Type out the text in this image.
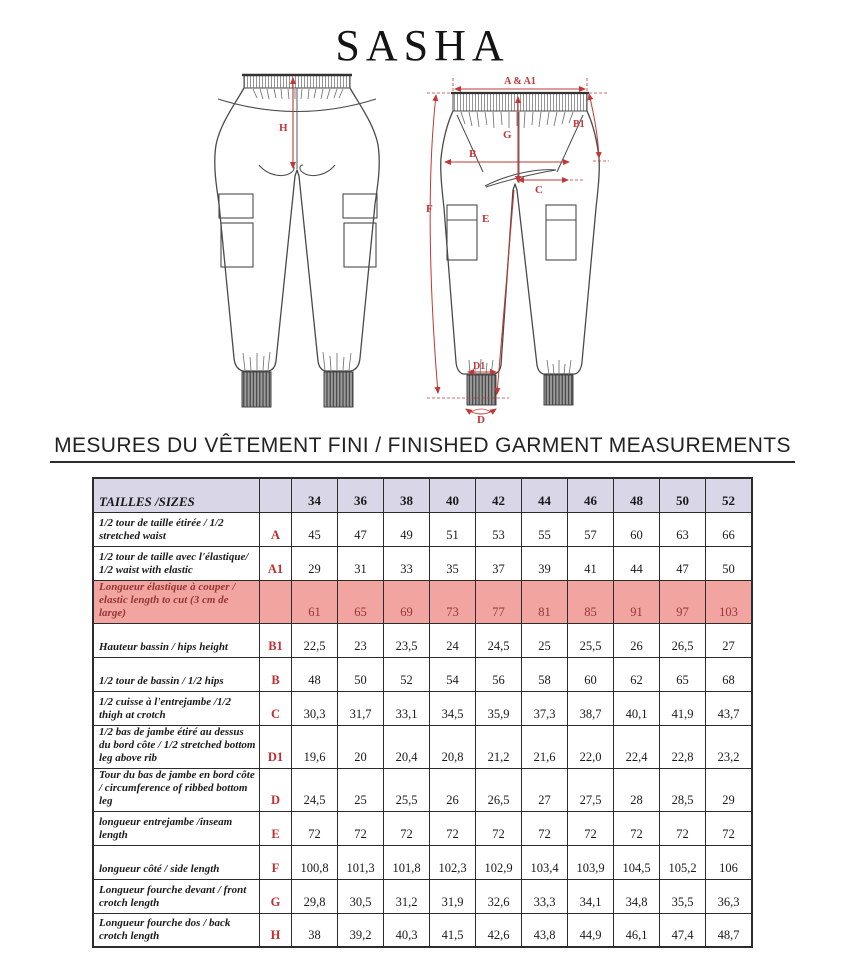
SASHA
H
A & A1
B1
G
B
C
F
E
D1
D
MESURES DU VÊTEMENT FINI / FINISHED GARMENT MEASUREMENTS
TAILLES /SIZES		34	36	38	40	42	44	46	48	50	52
1/2 tour de taille étirée / 1/2 stretched waist	A	45	47	49	51	53	55	57	60	63	66
1/2 tour de taille avec l'élastique/ 1/2 waist with elastic	A1	29	31	33	35	37	39	41	44	47	50
Longueur élastique à couper / elastic length to cut (3 cm de large)		61	65	69	73	77	81	85	91	97	103
Hauteur bassin / hips height	B1	22,5	23	23,5	24	24,5	25	25,5	26	26,5	27
1/2 tour de bassin / 1/2 hips	B	48	50	52	54	56	58	60	62	65	68
1/2 cuisse à l'entrejambe /1/2 thigh at crotch	C	30,3	31,7	33,1	34,5	35,9	37,3	38,7	40,1	41,9	43,7
1/2 bas de jambe étiré au dessus du bord côte / 1/2 stretched bottom leg above rib	D1	19,6	20	20,4	20,8	21,2	21,6	22,0	22,4	22,8	23,2
Tour du bas de jambe en bord côte / circumference of ribbed bottom leg	D	24,5	25	25,5	26	26,5	27	27,5	28	28,5	29
longueur entrejambe /inseam length	E	72	72	72	72	72	72	72	72	72	72
longueur côté / side length	F	100,8	101,3	101,8	102,3	102,9	103,4	103,9	104,5	105,2	106
Longueur fourche devant / front crotch length	G	29,8	30,5	31,2	31,9	32,6	33,3	34,1	34,8	35,5	36,3
Longueur fourche dos / back crotch length	H	38	39,2	40,3	41,5	42,6	43,8	44,9	46,1	47,4	48,7
